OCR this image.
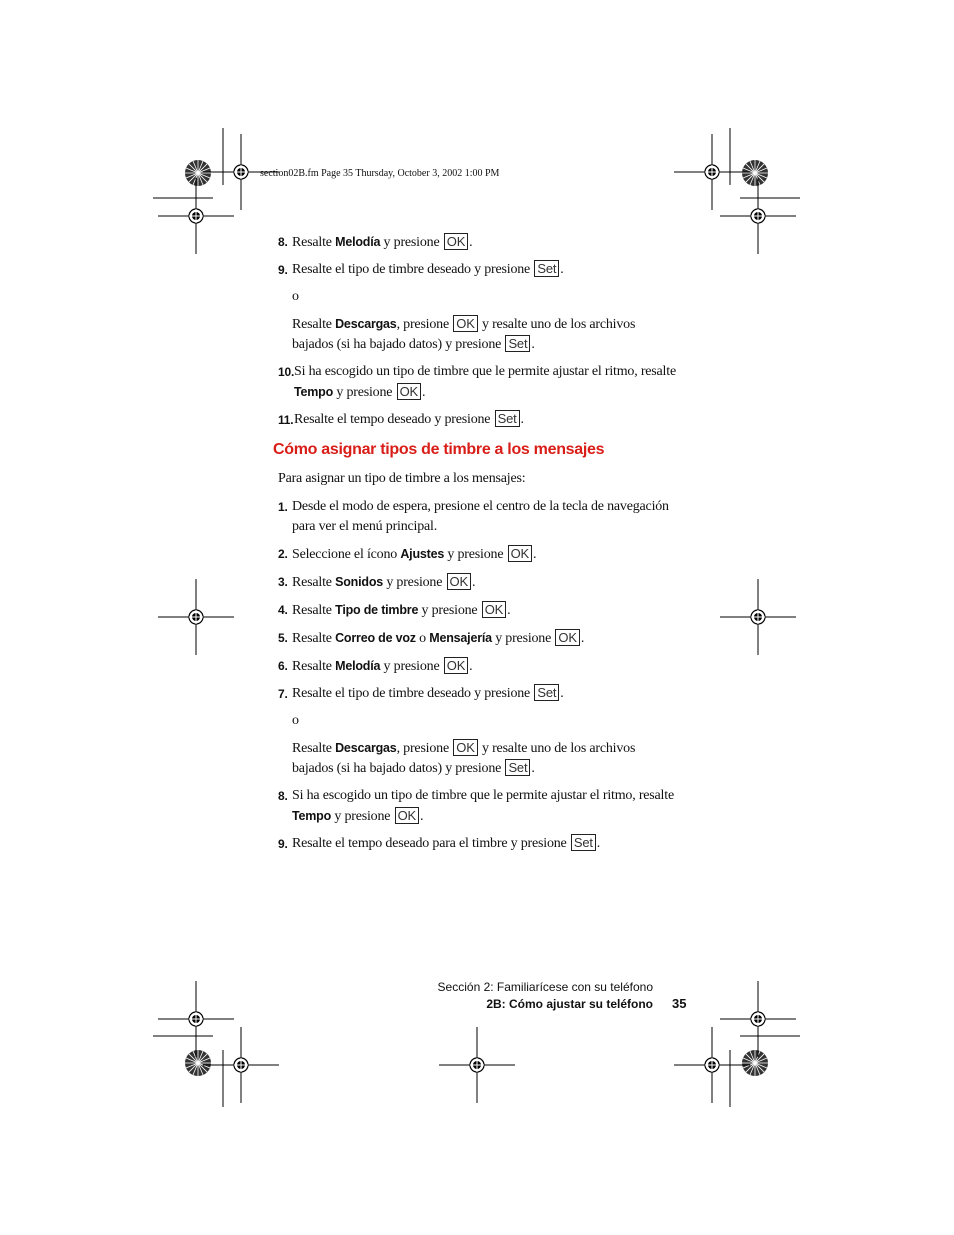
section02B.fm Page 35 Thursday, October 3, 2002 1:00 PM
8. Resalte Melodía y presione OK .
9. Resalte el tipo de timbre deseado y presione Set .
o
Resalte Descargas, presione OK y resalte uno de los archivos bajados (si ha bajado datos) y presione Set .
10. Si ha escogido un tipo de timbre que le permite ajustar el ritmo, resalte Tempo y presione OK .
11. Resalte el tempo deseado y presione Set .
Cómo asignar tipos de timbre a los mensajes
Para asignar un tipo de timbre a los mensajes:
1. Desde el modo de espera, presione el centro de la tecla de navegación para ver el menú principal.
2. Seleccione el ícono Ajustes y presione OK .
3. Resalte Sonidos y presione OK .
4. Resalte Tipo de timbre y presione OK .
5. Resalte Correo de voz o Mensajería y presione OK .
6. Resalte Melodía y presione OK .
7. Resalte el tipo de timbre deseado y presione Set .
o
Resalte Descargas, presione OK y resalte uno de los archivos bajados (si ha bajado datos) y presione Set .
8. Si ha escogido un tipo de timbre que le permite ajustar el ritmo, resalte Tempo y presione OK .
9. Resalte el tempo deseado para el timbre y presione Set .
Sección 2: Familiarícese con su teléfono
2B: Cómo ajustar su teléfono 35
